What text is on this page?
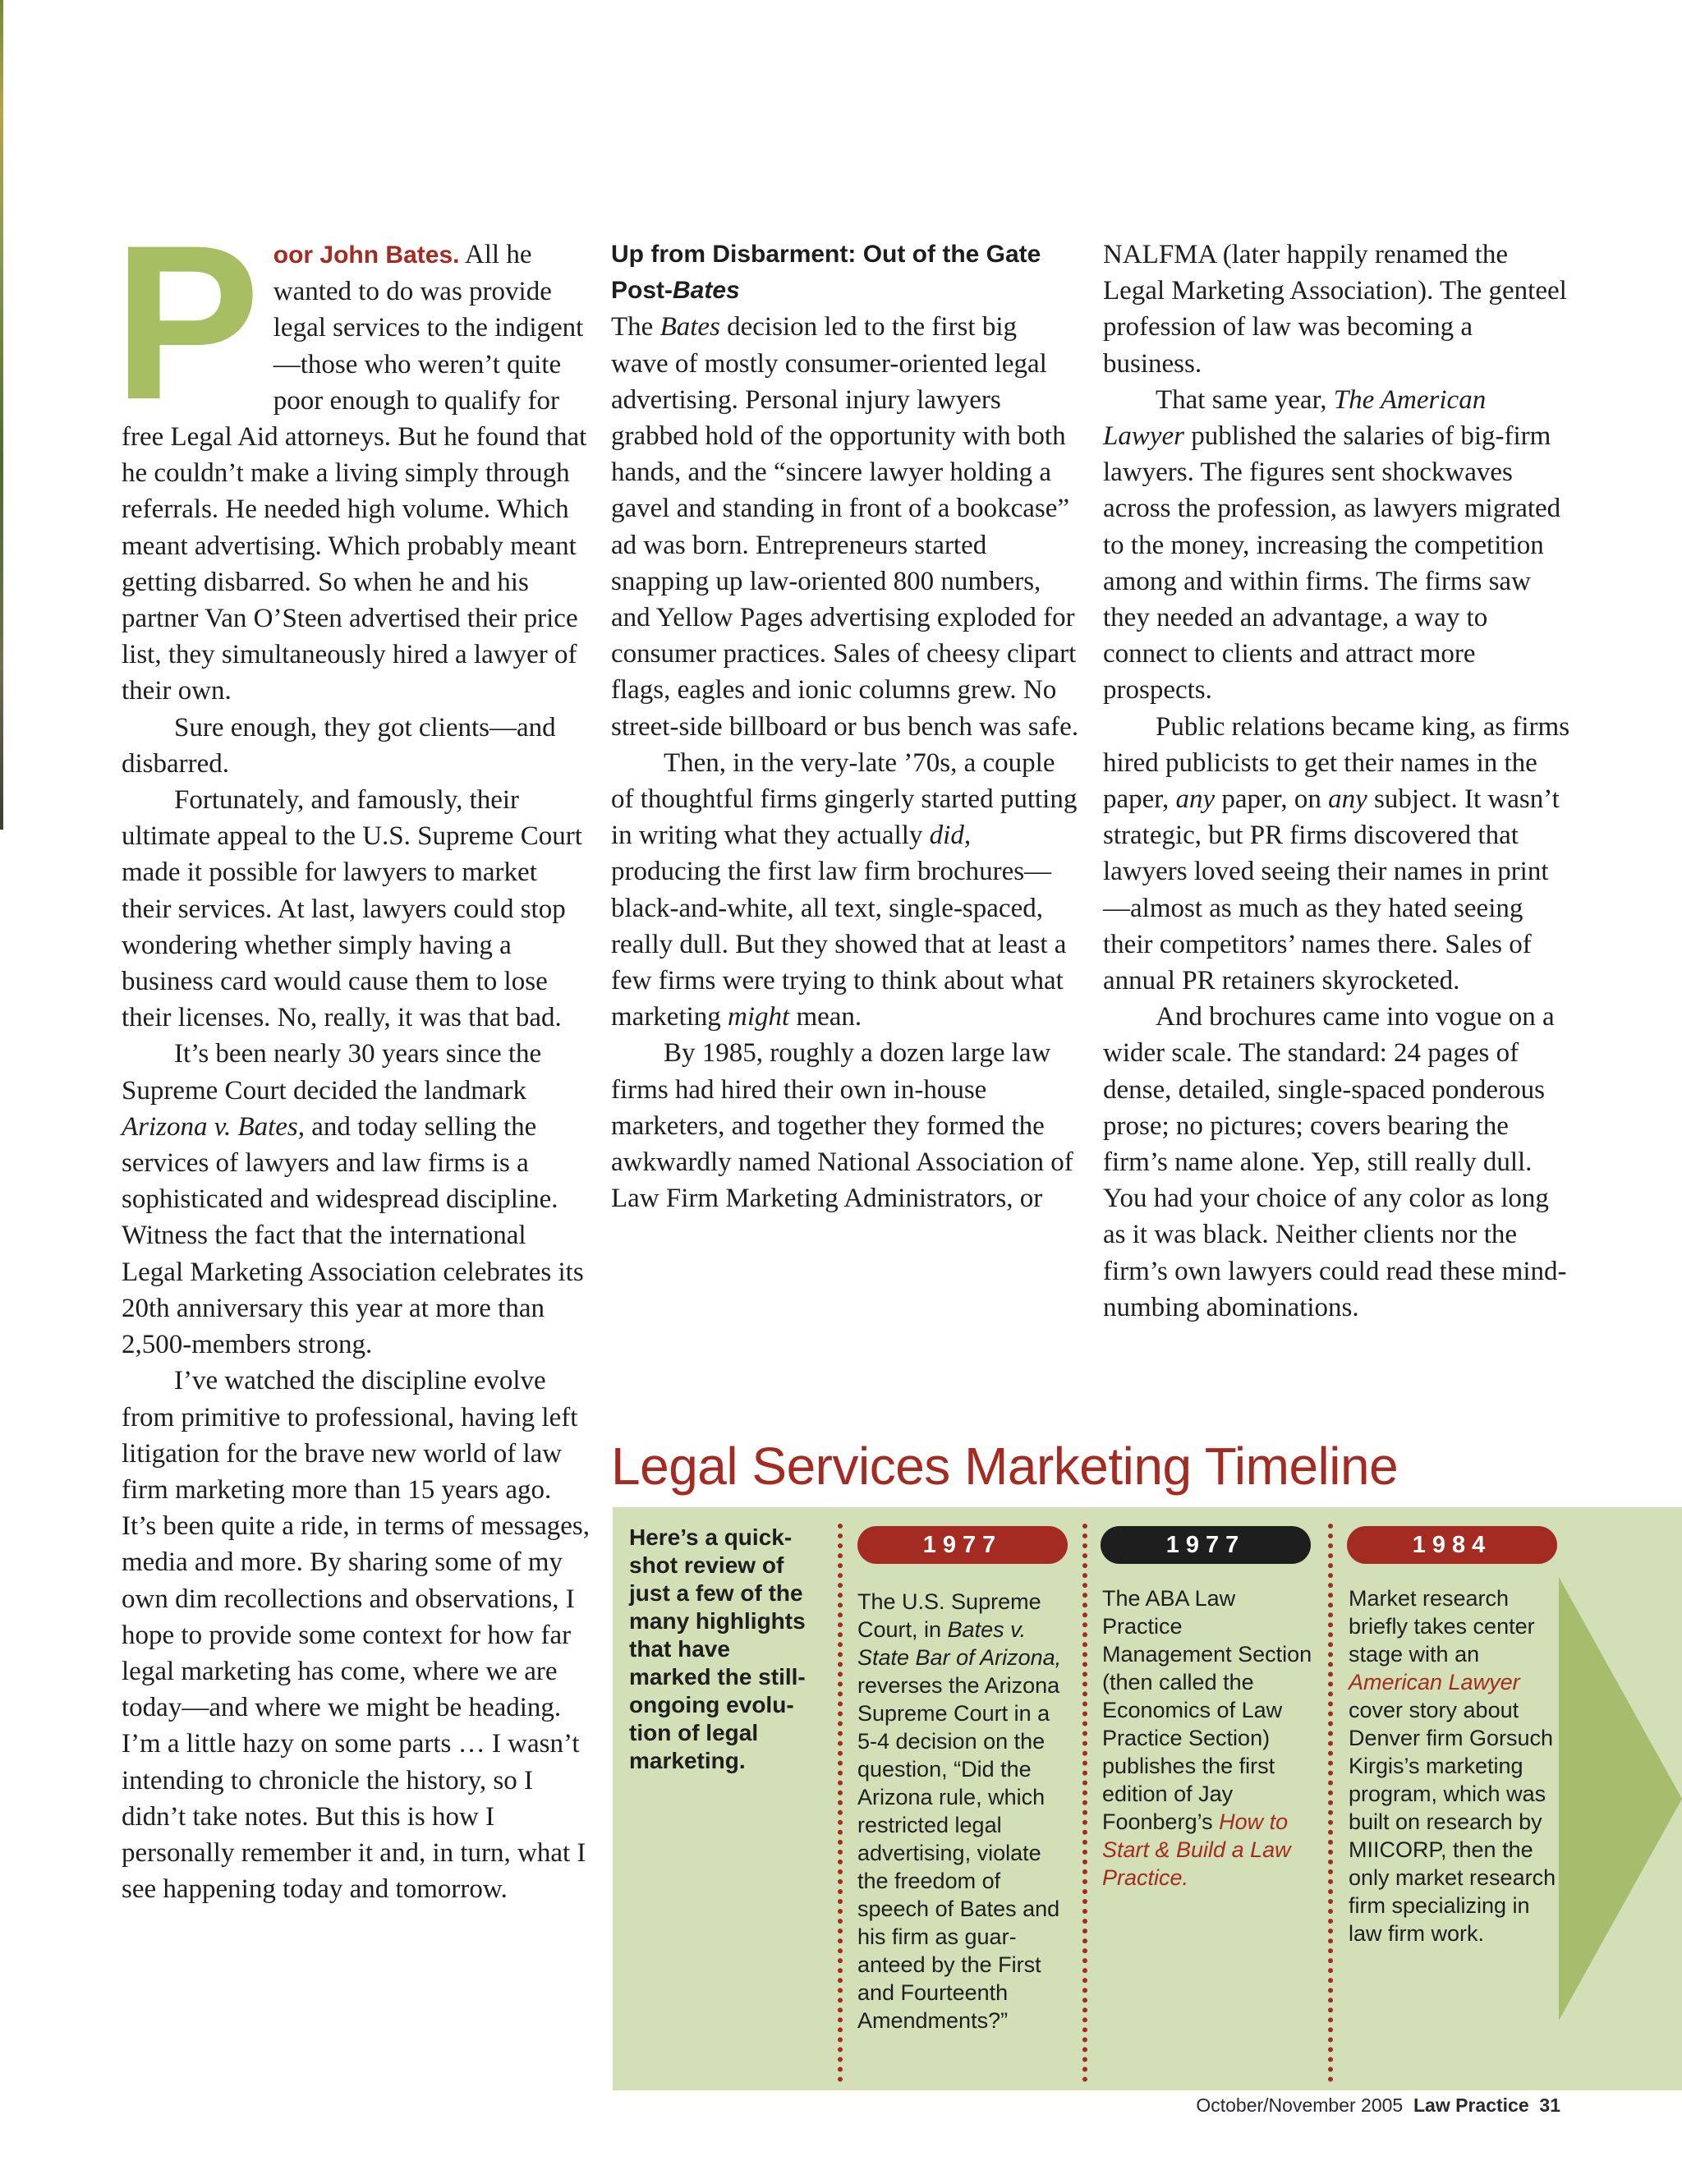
Poor John Bates. All he wanted to do was provide legal services to the indigent—those who weren’t quite poor enough to qualify for free Legal Aid attorneys. But he found that he couldn’t make a living simply through referrals. He needed high volume. Which meant advertising. Which probably meant getting disbarred. So when he and his partner Van O’Steen advertised their price list, they simultaneously hired a lawyer of their own.

Sure enough, they got clients—and disbarred.

Fortunately, and famously, their ultimate appeal to the U.S. Supreme Court made it possible for lawyers to market their services. At last, lawyers could stop wondering whether simply having a business card would cause them to lose their licenses. No, really, it was that bad.

It’s been nearly 30 years since the Supreme Court decided the landmark Arizona v. Bates, and today selling the services of lawyers and law firms is a sophisticated and widespread discipline. Witness the fact that the international Legal Marketing Association celebrates its 20th anniversary this year at more than 2,500-members strong.

I’ve watched the discipline evolve from primitive to professional, having left litigation for the brave new world of law firm marketing more than 15 years ago. It’s been quite a ride, in terms of messages, media and more. By sharing some of my own dim recollections and observations, I hope to provide some context for how far legal marketing has come, where we are today—and where we might be heading. I’m a little hazy on some parts … I wasn’t intending to chronicle the history, so I didn’t take notes. But this is how I personally remember it and, in turn, what I see happening today and tomorrow.

Up from Disbarment: Out of the Gate Post-Bates

The Bates decision led to the first big wave of mostly consumer-oriented legal advertising. Personal injury lawyers grabbed hold of the opportunity with both hands, and the “sincere lawyer holding a gavel and standing in front of a bookcase” ad was born. Entrepreneurs started snapping up law-oriented 800 numbers, and Yellow Pages advertising exploded for consumer practices. Sales of cheesy clipart flags, eagles and ionic columns grew. No street-side billboard or bus bench was safe.

Then, in the very-late ’70s, a couple of thoughtful firms gingerly started putting in writing what they actually did, producing the first law firm brochures—black-and-white, all text, single-spaced, really dull. But they showed that at least a few firms were trying to think about what marketing might mean.

By 1985, roughly a dozen large law firms had hired their own in-house marketers, and together they formed the awkwardly named National Association of Law Firm Marketing Administrators, or

NALFMA (later happily renamed the Legal Marketing Association). The genteel profession of law was becoming a business.

That same year, The American Lawyer published the salaries of big-firm lawyers. The figures sent shockwaves across the profession, as lawyers migrated to the money, increasing the competition among and within firms. The firms saw they needed an advantage, a way to connect to clients and attract more prospects.

Public relations became king, as firms hired publicists to get their names in the paper, any paper, on any subject. It wasn’t strategic, but PR firms discovered that lawyers loved seeing their names in print—almost as much as they hated seeing their competitors’ names there. Sales of annual PR retainers skyrocketed.

And brochures came into vogue on a wider scale. The standard: 24 pages of dense, detailed, single-spaced ponderous prose; no pictures; covers bearing the firm’s name alone. Yep, still really dull. You had your choice of any color as long as it was black. Neither clients nor the firm’s own lawyers could read these mind-numbing abominations.

Legal Services Marketing Timeline
Here’s a quick-shot review of just a few of the many highlights that have marked the still-ongoing evolution of legal marketing.
1977	1977	1984
The U.S. Supreme Court, in Bates v. State Bar of Arizona, reverses the Arizona Supreme Court in a 5-4 decision on the question, “Did the Arizona rule, which restricted legal advertising, violate the freedom of speech of Bates and his firm as guaranteed by the First and Fourteenth Amendments?”
The ABA Law Practice Management Section (then called the Economics of Law Practice Section) publishes the first edition of Jay Foonberg’s How to Start & Build a Law Practice.
Market research briefly takes center stage with an American Lawyer cover story about Denver firm Gorsuch Kirgis’s marketing program, which was built on research by MIICORP, then the only market research firm specializing in law firm work.
October/November 2005 Law Practice 31
